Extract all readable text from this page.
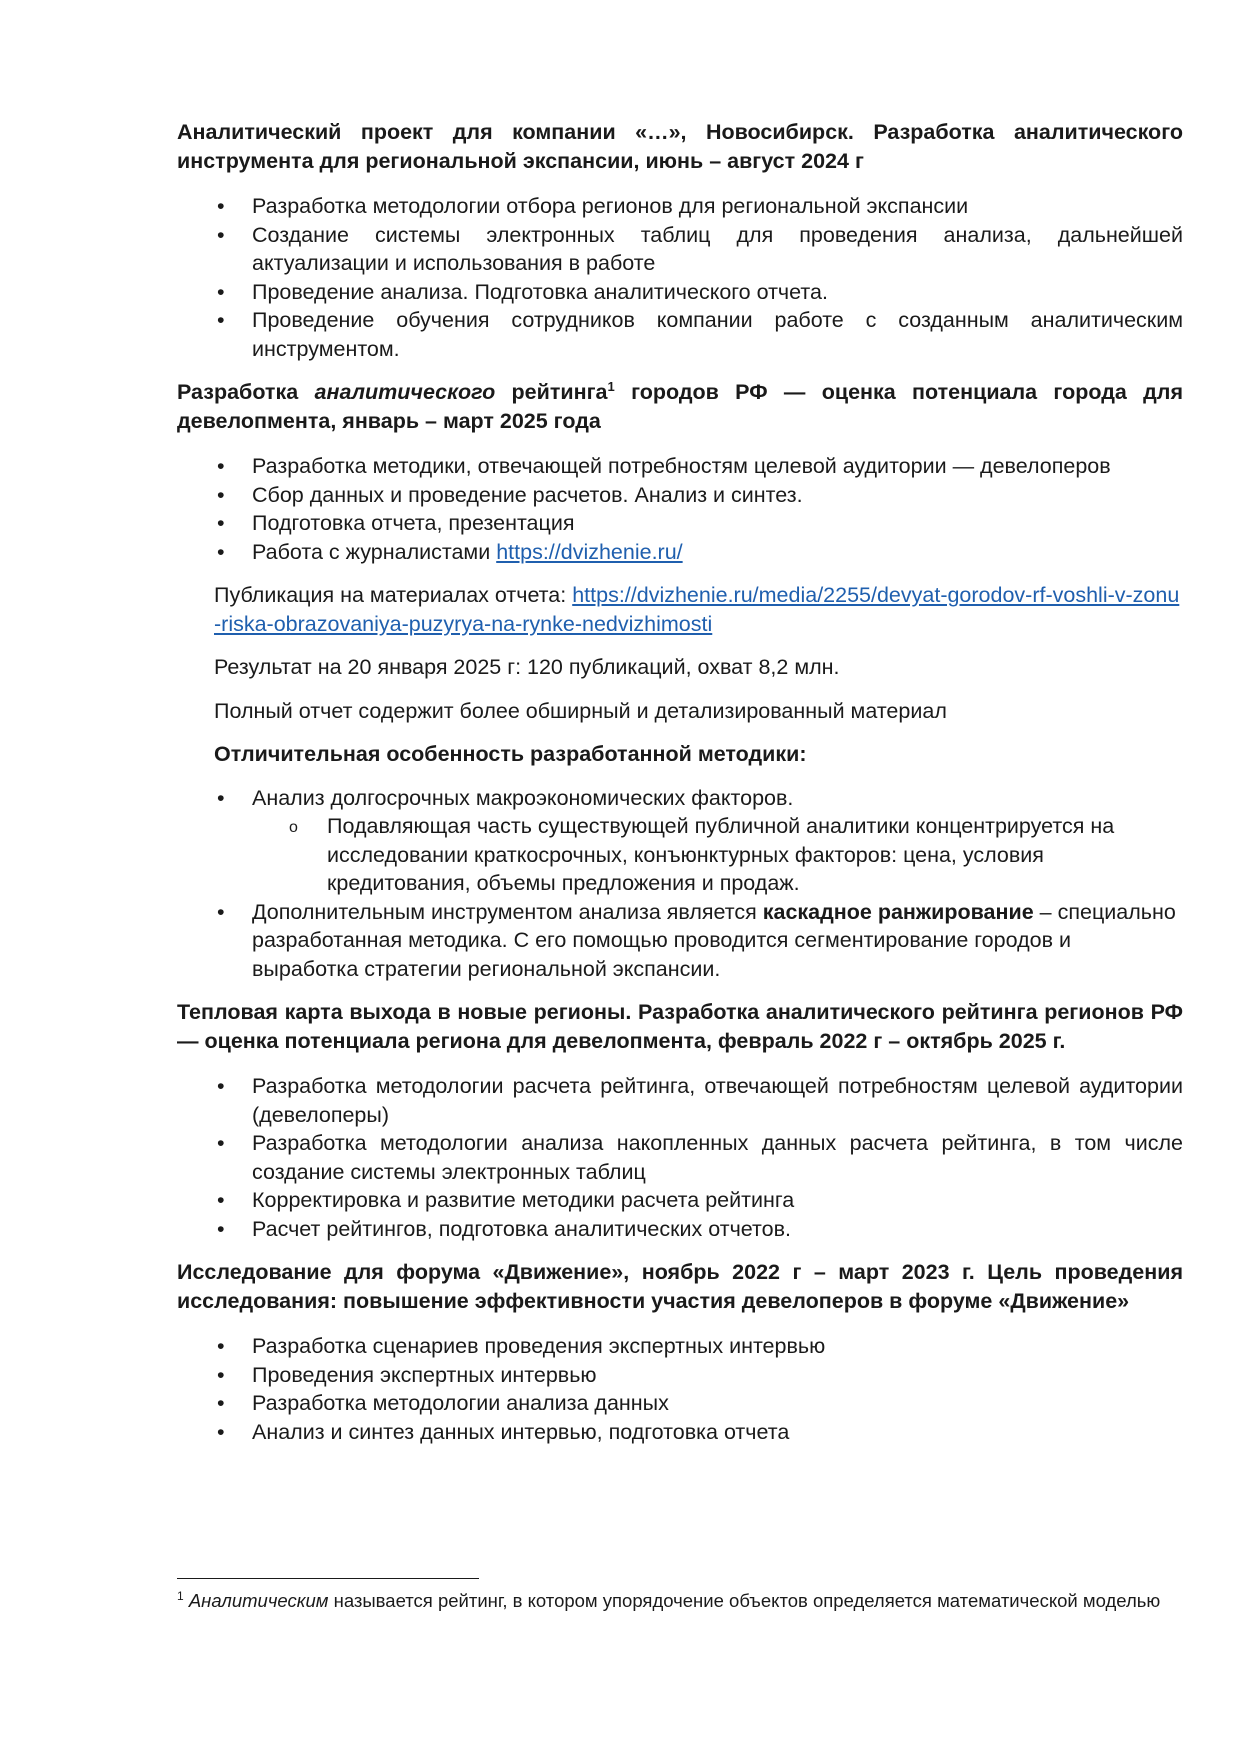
Аналитический проект для компании «…», Новосибирск. Разработка аналитического инструмента для региональной экспансии, июнь – август 2024 г

• Разработка методологии отбора регионов для региональной экспансии
• Создание системы электронных таблиц для проведения анализа, дальнейшей актуализации и использования в работе
• Проведение анализа. Подготовка аналитического отчета.
• Проведение обучения сотрудников компании работе с созданным аналитическим инструментом.

Разработка аналитического рейтинга$^1$ городов РФ — оценка потенциала города для девелопмента, январь – март 2025 года

• Разработка методики, отвечающей потребностям целевой аудитории — девелоперов
• Сбор данных и проведение расчетов. Анализ и синтез.
• Подготовка отчета, презентация
• Работа с журналистами https://dvizhenie.ru/

Публикация на материалах отчета: https://dvizhenie.ru/media/2255/devyat-gorodov-rf-voshli-v-zonu-riska-obrazovaniya-puzyrya-na-rynke-nedvizhimosti

Результат на 20 января 2025 г: 120 публикаций, охват 8,2 млн.

Полный отчет содержит более обширный и детализированный материал

Отличительная особенность разработанной методики:

• Анализ долгосрочных макроэкономических факторов.
o Подавляющая часть существующей публичной аналитики концентрируется на исследовании краткосрочных, конъюнктурных факторов: цена, условия кредитования, объемы предложения и продаж.
• Дополнительным инструментом анализа является каскадное ранжирование – специально разработанная методика. С его помощью проводится сегментирование городов и выработка стратегии региональной экспансии.

Тепловая карта выхода в новые регионы. Разработка аналитического рейтинга регионов РФ — оценка потенциала региона для девелопмента, февраль 2022 г – октябрь 2025 г.

• Разработка методологии расчета рейтинга, отвечающей потребностям целевой аудитории (девелоперы)
• Разработка методологии анализа накопленных данных расчета рейтинга, в том числе создание системы электронных таблиц
• Корректировка и развитие методики расчета рейтинга
• Расчет рейтингов, подготовка аналитических отчетов.

Исследование для форума «Движение», ноябрь 2022 г – март 2023 г. Цель проведения исследования: повышение эффективности участия девелоперов в форуме «Движение»

• Разработка сценариев проведения экспертных интервью
• Проведения экспертных интервью
• Разработка методологии анализа данных
• Анализ и синтез данных интервью, подготовка отчета
$^1$ Аналитическим называется рейтинг, в котором упорядочение объектов определяется математической моделью
